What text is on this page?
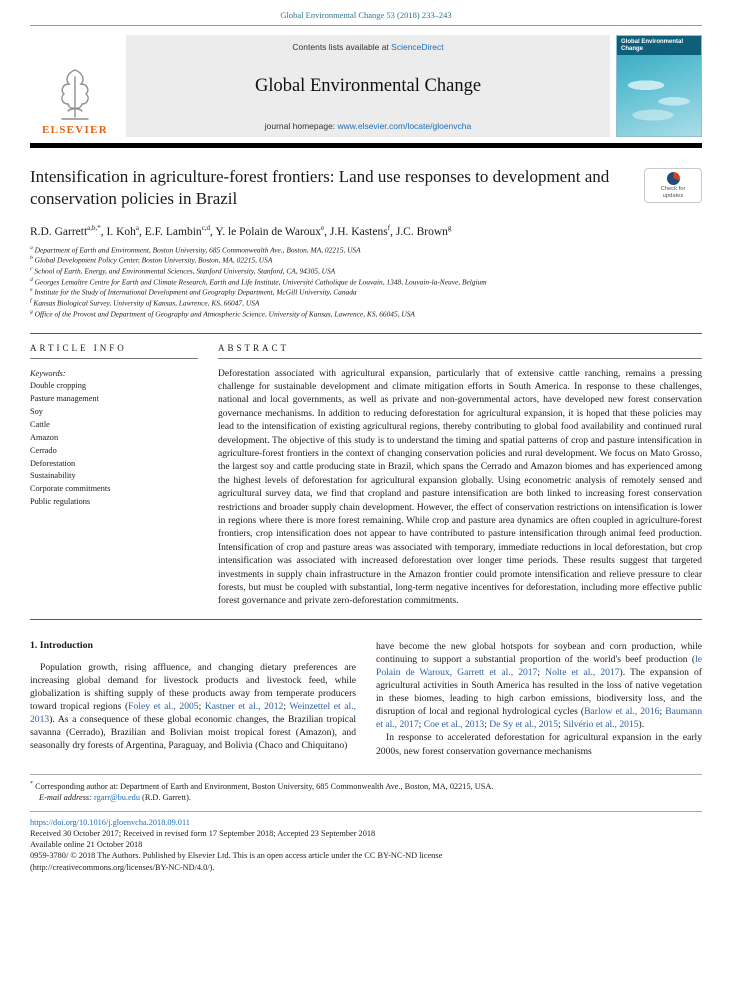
Global Environmental Change 53 (2018) 233–243
ELSEVIER
Contents lists available at ScienceDirect
Global Environmental Change
journal homepage: www.elsevier.com/locate/gloenvcha
Global Environmental Change
Intensification in agriculture-forest frontiers: Land use responses to development and conservation policies in Brazil
Check for
updates
R.D. Garrett$^{a,b,*}$, I. Koh$^a$, E.F. Lambin$^{c,d}$, Y. le Polain de Waroux$^e$, J.H. Kastens$^f$, J.C. Brown$^g$
$^a$ Department of Earth and Environment, Boston University, 685 Commonwealth Ave., Boston, MA, 02215, USA
$^b$ Global Development Policy Center, Boston University, Boston, MA, 02215, USA
$^c$ School of Earth, Energy, and Environmental Sciences, Stanford University, Stanford, CA, 94305, USA
$^d$ Georges Lemaître Centre for Earth and Climate Research, Earth and Life Institute, Université Catholique de Louvain, 1348, Louvain-la-Neuve, Belgium
$^e$ Institute for the Study of International Development and Geography Department, McGill University, Canada
$^f$ Kansas Biological Survey, University of Kansas, Lawrence, KS, 66047, USA
$^g$ Office of the Provost and Department of Geography and Atmospheric Science, University of Kansas, Lawrence, KS, 66045, USA
ARTICLE INFO
Keywords:
Double cropping
Pasture management
Soy
Cattle
Amazon
Cerrado
Deforestation
Sustainability
Corporate commitments
Public regulations
ABSTRACT

Deforestation associated with agricultural expansion, particularly that of extensive cattle ranching, remains a pressing challenge for sustainable development and climate mitigation efforts in South America. In response to these challenges, national and local governments, as well as private and non-governmental actors, have developed new forest conservation governance mechanisms. In addition to reducing deforestation for agricultural expansion, it is hoped that these policies may lead to the intensification of existing agricultural regions, thereby contributing to global food availability and continued rural development. The objective of this study is to understand the timing and spatial patterns of crop and pasture intensification in agriculture-forest frontiers in the context of changing conservation policies and rural development. We focus on Mato Grosso, the largest soy and cattle producing state in Brazil, which spans the Cerrado and Amazon biomes and has experienced among the highest levels of deforestation for agricultural expansion globally. Using econometric analysis of remotely sensed and agricultural survey data, we find that cropland and pasture intensification are both linked to increasing forest conservation restrictions and broader supply chain development. However, the effect of conservation restrictions on intensification is lower in regions where there is more forest remaining. While crop and pasture area dynamics are often coupled in agriculture-forest frontiers, crop intensification does not appear to have contributed to pasture intensification through animal feed production. Intensification of crop and pasture areas was associated with temporary, immediate reductions in local deforestation, but crop intensification was associated with increased deforestation over longer time periods. These results suggest that targeted investments in supply chain infrastructure in the Amazon frontier could promote intensification and relieve pressure to clear forests, but must be coupled with substantial, long-term negative incentives for deforestation, including more effective public forest governance and private zero-deforestation commitments.

1. Introduction

Population growth, rising affluence, and changing dietary preferences are increasing global demand for livestock products and livestock feed, while globalization is shifting supply of these products away from temperate producers toward tropical regions (Foley et al., 2005; Kastner et al., 2012; Weinzettel et al., 2013). As a consequence of these global economic changes, the Brazilian tropical savanna (Cerrado), Brazilian and Bolivian moist tropical forest (Amazon), and seasonally dry forests of Argentina, Paraguay, and Bolivia (Chaco and Chiquitano)

have become the new global hotspots for soybean and corn production, while continuing to support a substantial proportion of the world's beef production (le Polain de Waroux, Garrett et al., 2017; Nolte et al., 2017). The expansion of agricultural activities in South America has resulted in the loss of native vegetation in these biomes, leading to high carbon emissions, biodiversity loss, and the disruption of local and regional hydrological cycles (Barlow et al., 2016; Baumann et al., 2017; Coe et al., 2013; De Sy et al., 2015; Silvério et al., 2015).

In response to accelerated deforestation for agricultural expansion in the early 2000s, new forest conservation governance mechanisms

* Corresponding author at: Department of Earth and Environment, Boston University, 685 Commonwealth Ave., Boston, MA, 02215, USA.
E-mail address: rgarr@bu.edu (R.D. Garrett).
https://doi.org/10.1016/j.gloenvcha.2018.09.011
Received 30 October 2017; Received in revised form 17 September 2018; Accepted 23 September 2018
Available online 21 October 2018
0959-3780/ © 2018 The Authors. Published by Elsevier Ltd. This is an open access article under the CC BY-NC-ND license
(http://creativecommons.org/licenses/BY-NC-ND/4.0/).
